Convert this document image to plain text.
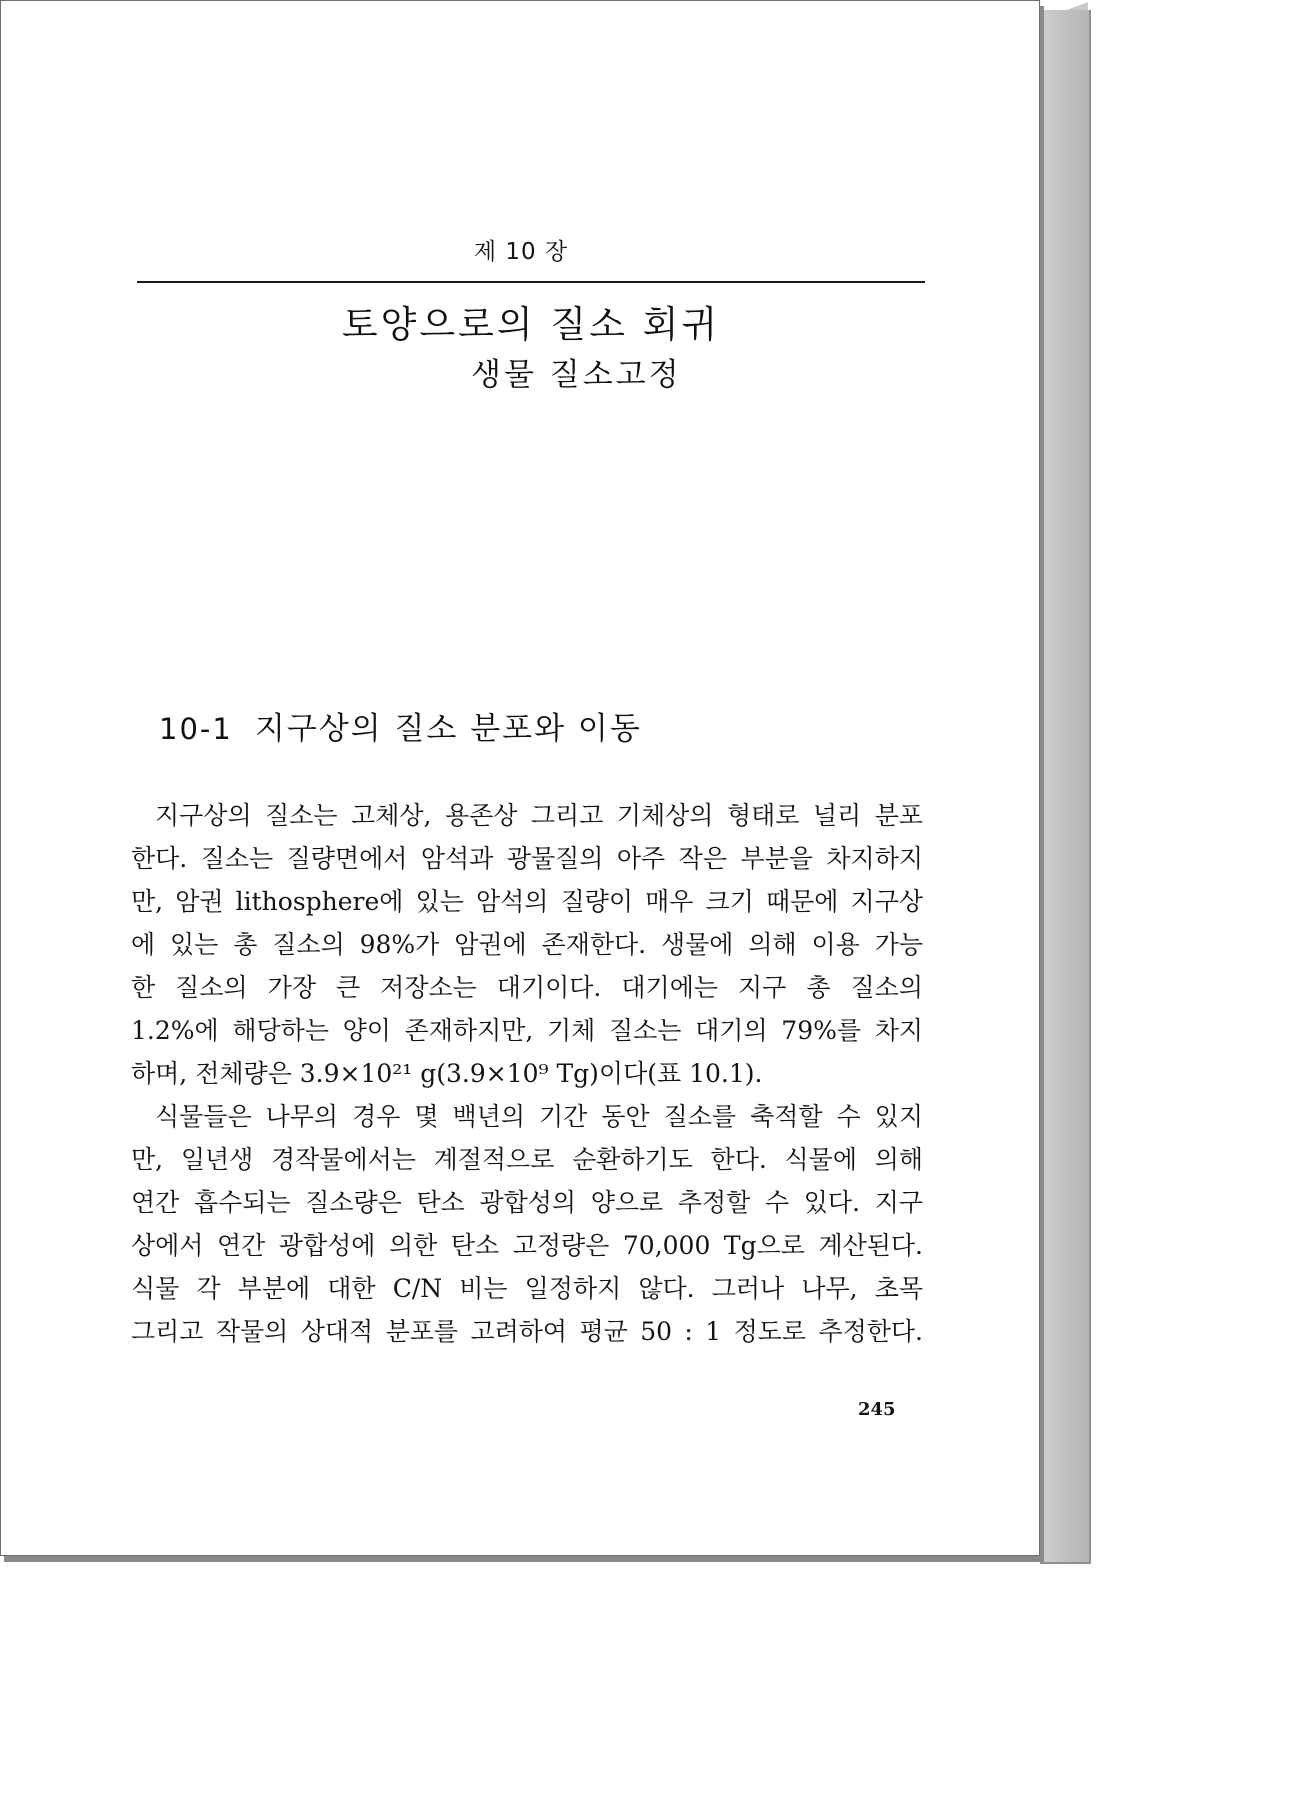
제 10 장
토양으로의 질소 회귀
생물 질소고정
10-1 지구상의 질소 분포와 이동
지구상의 질소는 고체상, 용존상 그리고 기체상의 형태로 널리 분포
한다. 질소는 질량면에서 암석과 광물질의 아주 작은 부분을 차지하지
만, 암권 lithosphere에 있는 암석의 질량이 매우 크기 때문에 지구상
에 있는 총 질소의 98%가 암권에 존재한다. 생물에 의해 이용 가능
한 질소의 가장 큰 저장소는 대기이다. 대기에는 지구 총 질소의
1.2%에 해당하는 양이 존재하지만, 기체 질소는 대기의 79%를 차지
하며, 전체량은 3.9×10²¹ g(3.9×10⁹ Tg)이다(표 10.1).
식물들은 나무의 경우 몇 백년의 기간 동안 질소를 축적할 수 있지
만, 일년생 경작물에서는 계절적으로 순환하기도 한다. 식물에 의해
연간 흡수되는 질소량은 탄소 광합성의 양으로 추정할 수 있다. 지구
상에서 연간 광합성에 의한 탄소 고정량은 70,000 Tg으로 계산된다.
식물 각 부분에 대한 C/N 비는 일정하지 않다. 그러나 나무, 초목
그리고 작물의 상대적 분포를 고려하여 평균 50 : 1 정도로 추정한다.
245
